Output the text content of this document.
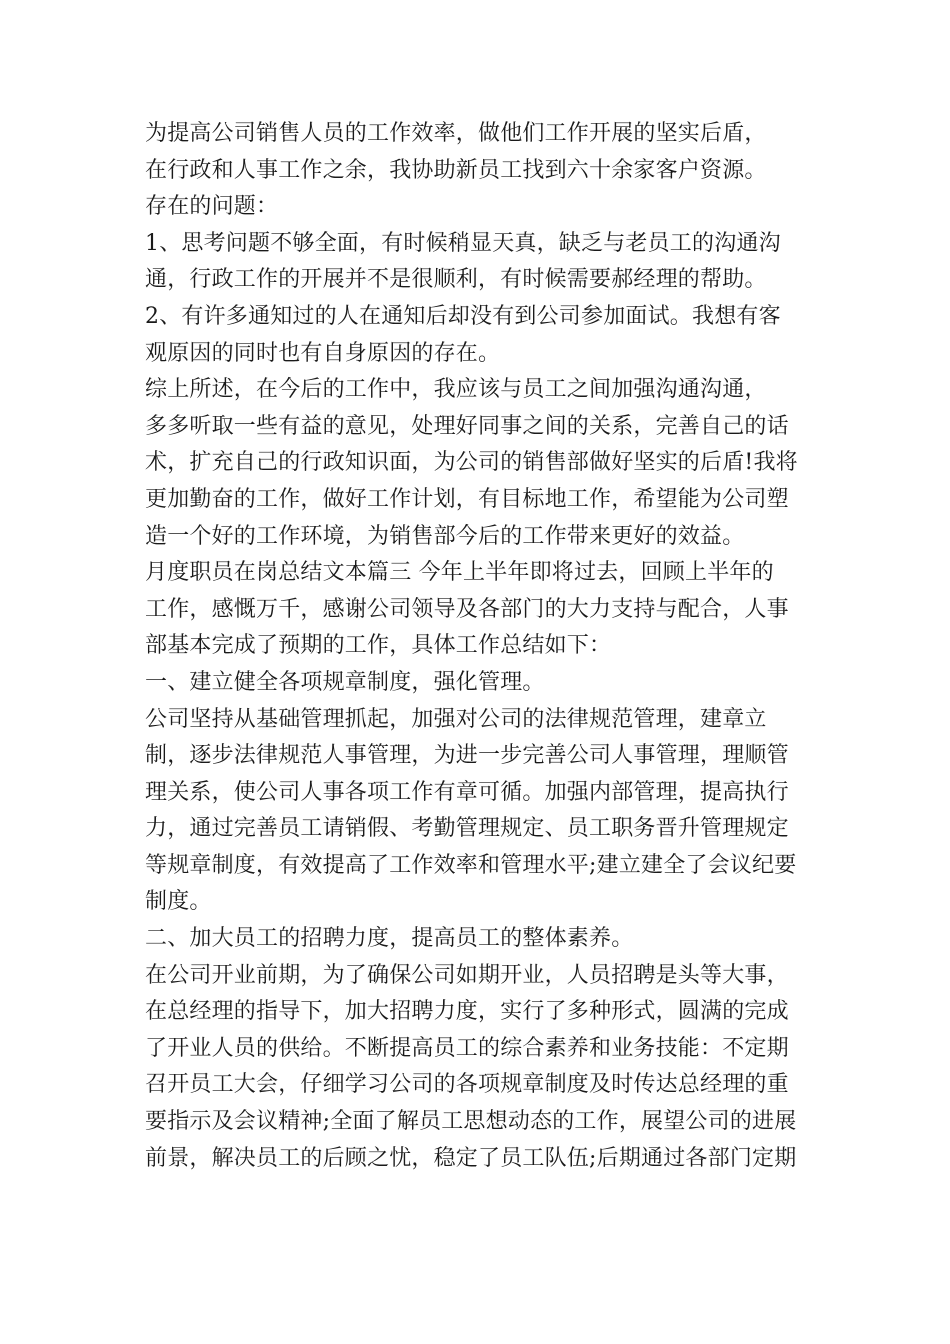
为提高公司销售人员的工作效率，做他们工作开展的坚实后盾，
在行政和人事工作之余，我协助新员工找到六十余家客户资源。
存在的问题：
1、思考问题不够全面，有时候稍显天真，缺乏与老员工的沟通沟
通，行政工作的开展并不是很顺利，有时候需要郝经理的帮助。
2、有许多通知过的人在通知后却没有到公司参加面试。我想有客
观原因的同时也有自身原因的存在。
综上所述，在今后的工作中，我应该与员工之间加强沟通沟通，
多多听取一些有益的意见，处理好同事之间的关系，完善自己的话
术，扩充自己的行政知识面，为公司的销售部做好坚实的后盾!我将
更加勤奋的工作，做好工作计划，有目标地工作，希望能为公司塑
造一个好的工作环境，为销售部今后的工作带来更好的效益。
月度职员在岗总结文本篇三 今年上半年即将过去，回顾上半年的
工作，感慨万千，感谢公司领导及各部门的大力支持与配合，人事
部基本完成了预期的工作，具体工作总结如下：
一、建立健全各项规章制度，强化管理。
公司坚持从基础管理抓起，加强对公司的法律规范管理，建章立
制，逐步法律规范人事管理，为进一步完善公司人事管理，理顺管
理关系，使公司人事各项工作有章可循。加强内部管理，提高执行
力，通过完善员工请销假、考勤管理规定、员工职务晋升管理规定
等规章制度，有效提高了工作效率和管理水平;建立建全了会议纪要
制度。
二、加大员工的招聘力度，提高员工的整体素养。
在公司开业前期，为了确保公司如期开业，人员招聘是头等大事，
在总经理的指导下，加大招聘力度，实行了多种形式，圆满的完成
了开业人员的供给。不断提高员工的综合素养和业务技能：不定期
召开员工大会，仔细学习公司的各项规章制度及时传达总经理的重
要指示及会议精神;全面了解员工思想动态的工作，展望公司的进展
前景，解决员工的后顾之忧，稳定了员工队伍;后期通过各部门定期
